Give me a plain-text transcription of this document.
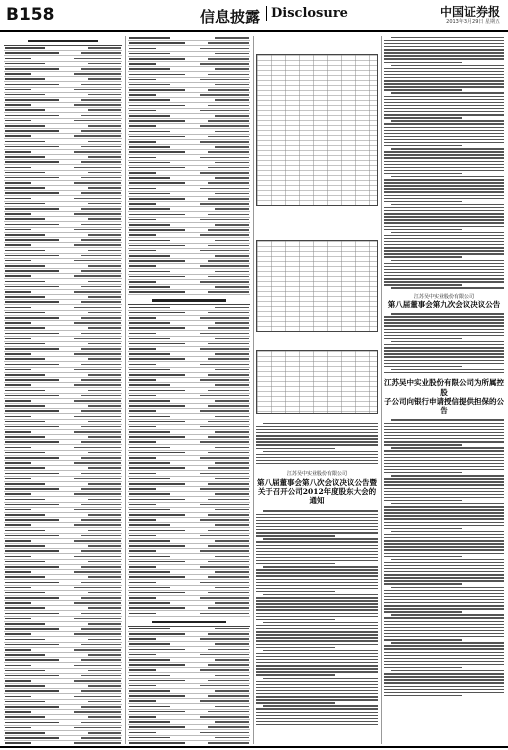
B158	信息披露 Disclosure	中国证券报
2013年3月29日 星期五
江苏吴中实业股份有限公司
第八届董事会第八次会议决议公告暨关于召开公司2012年度股东大会的通知
江苏吴中实业股份有限公司
第八届董事会第九次会议决议公告
江苏吴中实业股份有限公司为所属控股
子公司向银行申请授信提供担保的公告
